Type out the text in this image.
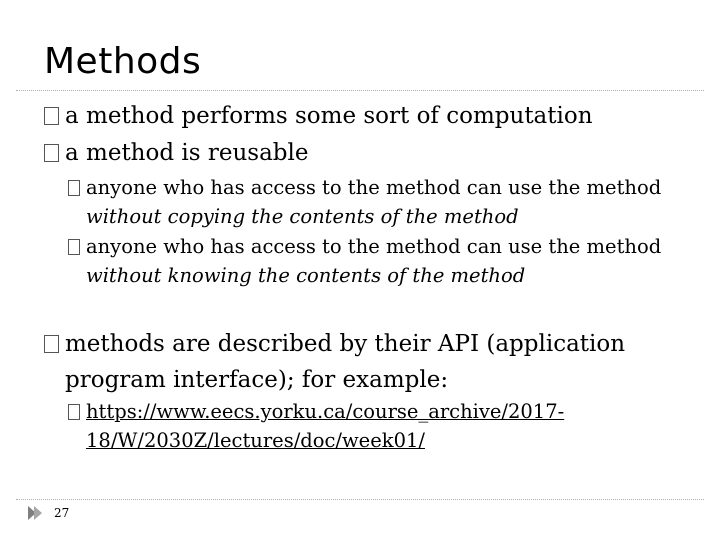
Methods
a method performs some sort of computation
a method is reusable
anyone who has access to the method can use the method
without copying the contents of the method
anyone who has access to the method can use the method
without knowing the contents of the method
methods are described by their API (application
program interface); for example:
https://www.eecs.yorku.ca/course_archive/2017-
18/W/2030Z/lectures/doc/week01/
27
